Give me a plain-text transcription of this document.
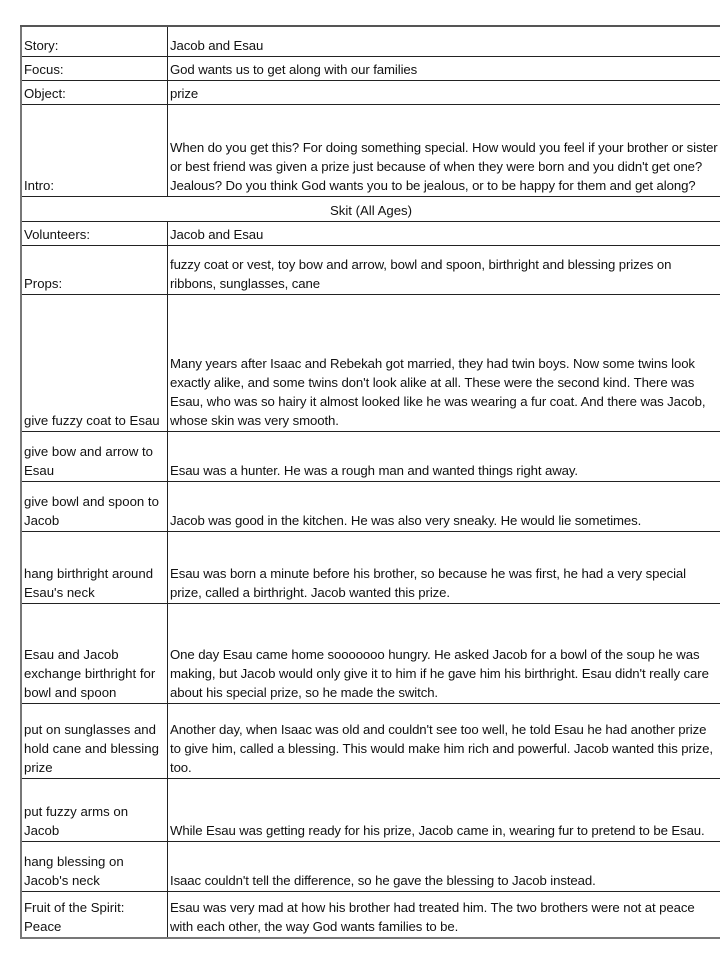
Story:	Jacob and Esau
Focus:	God wants us to get along with our families
Object:	prize
Intro:	When do you get this? For doing something special. How would you feel if your brother or sister or best friend was given a prize just because of when they were born and you didn't get one? Jealous? Do you think God wants you to be jealous, or to be happy for them and get along?
Skit (All Ages)	
Volunteers:	Jacob and Esau
Props:	fuzzy coat or vest, toy bow and arrow, bowl and spoon, birthright and blessing prizes on ribbons, sunglasses, cane
give fuzzy coat to Esau	Many years after Isaac and Rebekah got married, they had twin boys. Now some twins look exactly alike, and some twins don't look alike at all. These were the second kind. There was Esau, who was so hairy it almost looked like he was wearing a fur coat. And there was Jacob, whose skin was very smooth.
give bow and arrow to Esau	Esau was a hunter. He was a rough man and wanted things right away.
give bowl and spoon to Jacob	Jacob was good in the kitchen. He was also very sneaky. He would lie sometimes.
hang birthright around Esau's neck	Esau was born a minute before his brother, so because he was first, he had a very special prize, called a birthright. Jacob wanted this prize.
Esau and Jacob exchange birthright for bowl and spoon	One day Esau came home sooooooo hungry. He asked Jacob for a bowl of the soup he was making, but Jacob would only give it to him if he gave him his birthright. Esau didn't really care about his special prize, so he made the switch.
put on sunglasses and hold cane and blessing prize	Another day, when Isaac was old and couldn't see too well, he told Esau he had another prize to give him, called a blessing. This would make him rich and powerful. Jacob wanted this prize, too.
put fuzzy arms on Jacob	While Esau was getting ready for his prize, Jacob came in, wearing fur to pretend to be Esau.
hang blessing on Jacob's neck	Isaac couldn't tell the difference, so he gave the blessing to Jacob instead.
Fruit of the Spirit: Peace	Esau was very mad at how his brother had treated him. The two brothers were not at peace with each other, the way God wants families to be.
